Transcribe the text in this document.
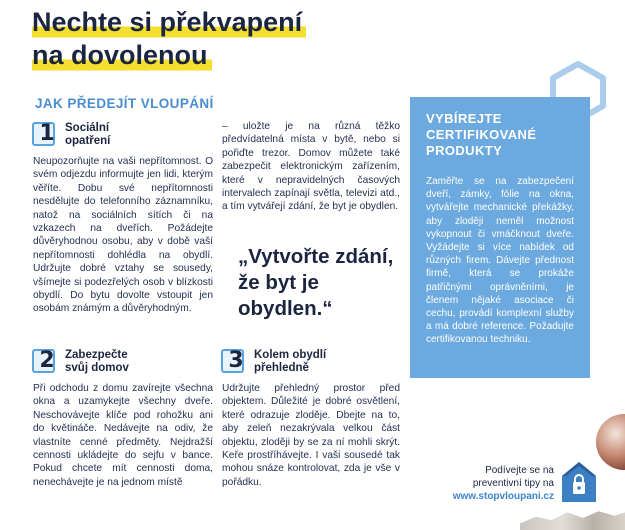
Nechte si překvapení
na dovolenou
JAK PŘEDEJÍT VLOUPÁNÍ
1 Sociální
opatření

Neupozorňujte na vaši nepřítomnost. O svém odjezdu informujte jen lidi, kterým věříte. Dobu své nepřítomnosti nesdělujte do telefonního záznamníku, natož na sociálních sítích či na vzkazech na dveřích. Požádejte důvěryhodnou osobu, aby v době vaší nepřítomnosti dohlédla na obydlí. Udržujte dobré vztahy se sousedy, všímejte si podezřelých osob v blízkosti obydlí. Do bytu dovolte vstoupit jen osobám známým a důvěryhodným.

2 Zabezpečte
svůj domov

Při odchodu z domu zavírejte všechna okna a uzamykejte všechny dveře. Neschovávejte klíče pod rohožku ani do květináče. Nedávejte na odiv, že vlastníte cenné předměty. Nejdražší cennosti ukládejte do sejfu v bance. Pokud chcete mít cennosti doma, nenechávejte je na jednom místě

– uložte je na různá těžko předvídatelná místa v bytě, nebo si pořiďte trezor. Domov můžete také zabezpečit elektronickým zařízením, které v nepravidelných časových intervalech zapínají světla, televizi atd., a tím vytvářejí zdání, že byt je obydlen.

„Vytvořte zdání, že byt je obydlen.“
3 Kolem obydlí
přehledně

Udržujte přehledný prostor před objektem. Důležité je dobré osvětlení, které odrazuje zloděje. Dbejte na to, aby zeleň nezakrývala velkou část objektu, zloději by se za ní mohli skrýt. Keře prostříhávejte. I vaši sousedé tak mohou snáze kontrolovat, zda je vše v pořádku.

VYBÍREJTE CERTIFIKOVANÉ PRODUKTY

Zaměřte se na zabezpečení dveří, zámky, fólie na okna, vytvářejte mechanické překážky, aby zloději neměl možnost vykopnout či vmáčknout dveře. Vyžádejte si více nabídek od různých firem. Dávejte přednost firmě, která se prokáže patřičnými oprávněními, je členem nějaké asociace či cechu, provádí komplexní služby a má dobré reference. Požadujte certifikovanou techniku.

Podívejte se na
preventivní tipy na
www.stopvloupani.cz
